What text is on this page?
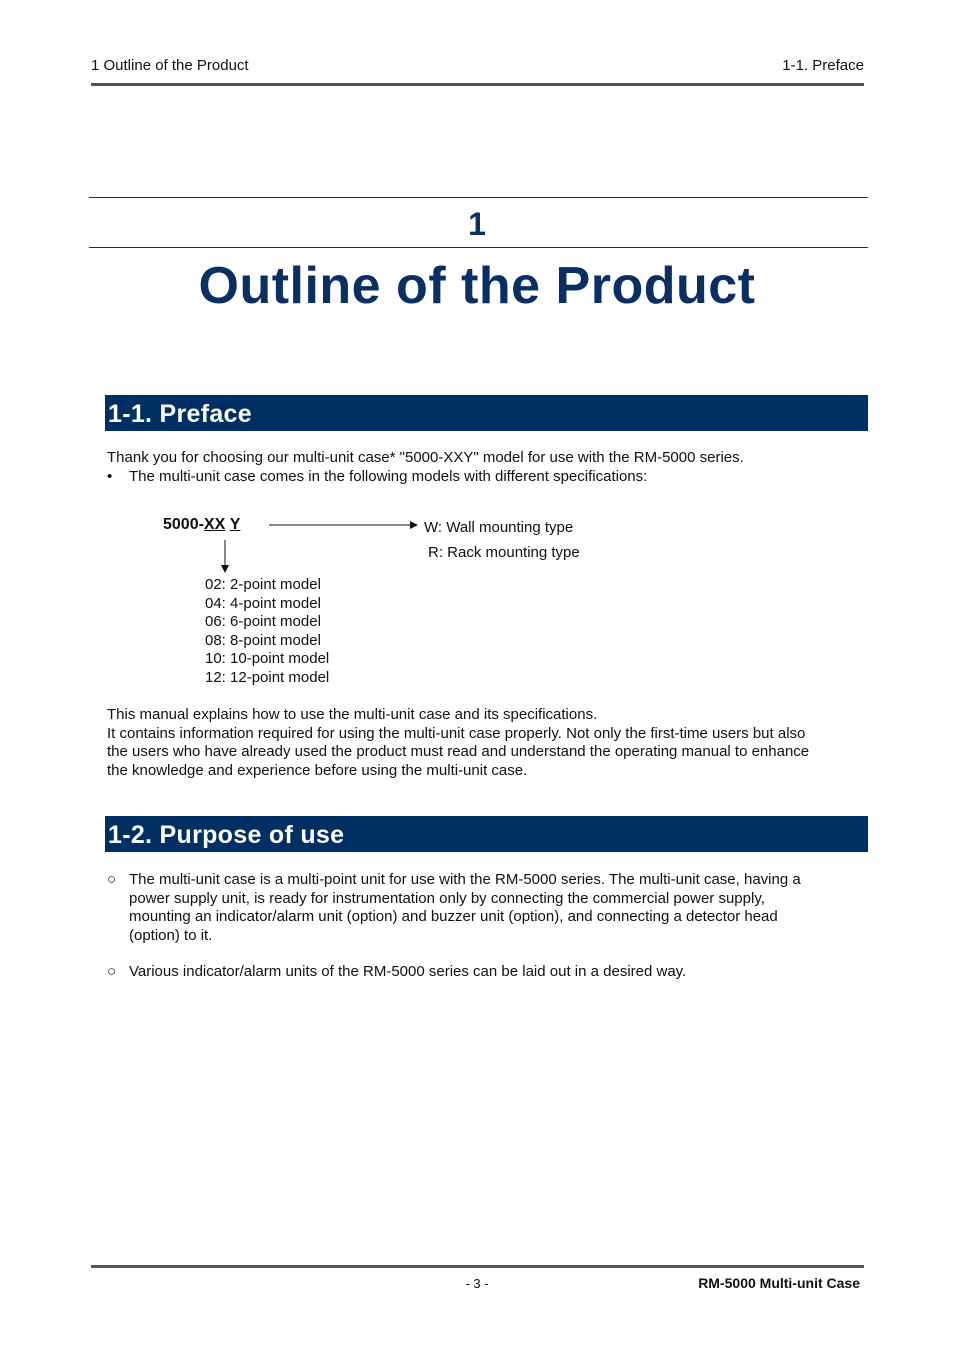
1 Outline of the Product	1-1. Preface
1
Outline of the Product
1-1. Preface
Thank you for choosing our multi-unit case* "5000-XXY" model for use with the RM-5000 series.
• The multi-unit case comes in the following models with different specifications:
5000-XX Y	W: Wall mounting type
R: Rack mounting type
02: 2-point model
04: 4-point model
06: 6-point model
08: 8-point model
10: 10-point model
12: 12-point model
This manual explains how to use the multi-unit case and its specifications.
It contains information required for using the multi-unit case properly. Not only the first-time users but also
the users who have already used the product must read and understand the operating manual to enhance
the knowledge and experience before using the multi-unit case.
1-2. Purpose of use
○ The multi-unit case is a multi-point unit for use with the RM-5000 series. The multi-unit case, having a
power supply unit, is ready for instrumentation only by connecting the commercial power supply,
mounting an indicator/alarm unit (option) and buzzer unit (option), and connecting a detector head
(option) to it.
○ Various indicator/alarm units of the RM-5000 series can be laid out in a desired way.
- 3 -	RM-5000 Multi-unit Case
